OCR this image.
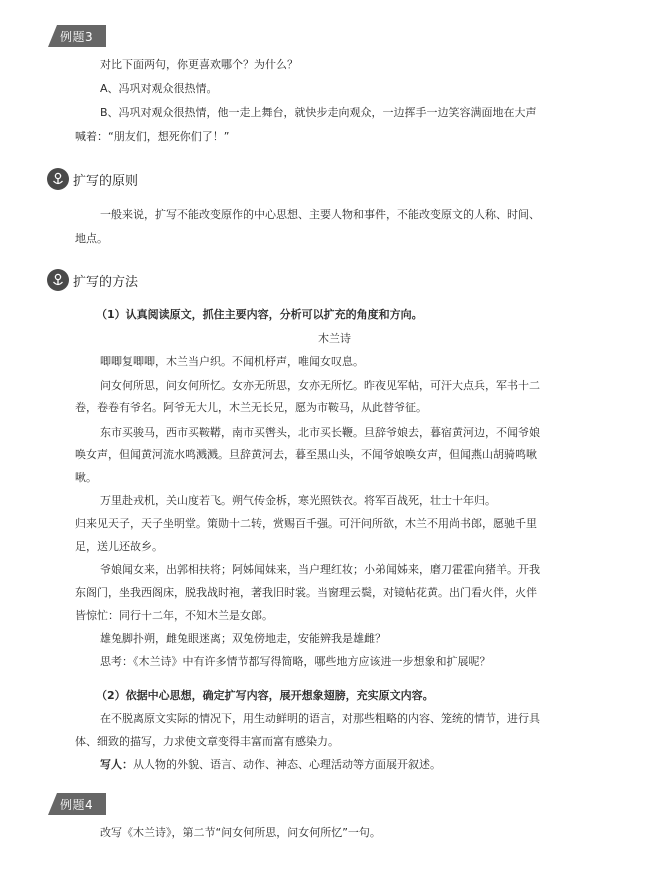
例题3
对比下面两句，你更喜欢哪个？为什么？
A、冯巩对观众很热情。
B、冯巩对观众很热情，他一走上舞台，就快步走向观众，一边挥手一边笑容满面地在大声
喊着：“朋友们，想死你们了！”
扩写的原则
一般来说，扩写不能改变原作的中心思想、主要人物和事件，不能改变原文的人称、时间、
地点。
扩写的方法
（1）认真阅读原文，抓住主要内容，分析可以扩充的角度和方向。
木兰诗
唧唧复唧唧，木兰当户织。不闻机杼声，唯闻女叹息。
问女何所思，问女何所忆。女亦无所思，女亦无所忆。昨夜见军帖，可汗大点兵，军书十二
卷，卷卷有爷名。阿爷无大儿，木兰无长兄，愿为市鞍马，从此替爷征。
东市买骏马，西市买鞍鞯，南市买辔头，北市买长鞭。旦辞爷娘去，暮宿黄河边，不闻爷娘
唤女声，但闻黄河流水鸣溅溅。旦辞黄河去，暮至黑山头，不闻爷娘唤女声，但闻燕山胡骑鸣啾
啾。
万里赴戎机，关山度若飞。朔气传金柝，寒光照铁衣。将军百战死，壮士十年归。
归来见天子，天子坐明堂。策勋十二转，赏赐百千强。可汗问所欲，木兰不用尚书郎，愿驰千里
足，送儿还故乡。
爷娘闻女来，出郭相扶将；阿姊闻妹来，当户理红妆；小弟闻姊来，磨刀霍霍向猪羊。开我
东阁门，坐我西阁床，脱我战时袍，著我旧时裳。当窗理云鬓，对镜帖花黄。出门看火伴，火伴
皆惊忙：同行十二年，不知木兰是女郎。
雄兔脚扑朔，雌兔眼迷离；双兔傍地走，安能辨我是雄雌？
思考：《木兰诗》中有许多情节都写得简略，哪些地方应该进一步想象和扩展呢？
（2）依据中心思想，确定扩写内容，展开想象翅膀，充实原文内容。
在不脱离原文实际的情况下，用生动鲜明的语言，对那些粗略的内容、笼统的情节，进行具
体、细致的描写，力求使文章变得丰富而富有感染力。
写人：从人物的外貌、语言、动作、神态、心理活动等方面展开叙述。
例题4
改写《木兰诗》，第二节“问女何所思，问女何所忆”一句。
